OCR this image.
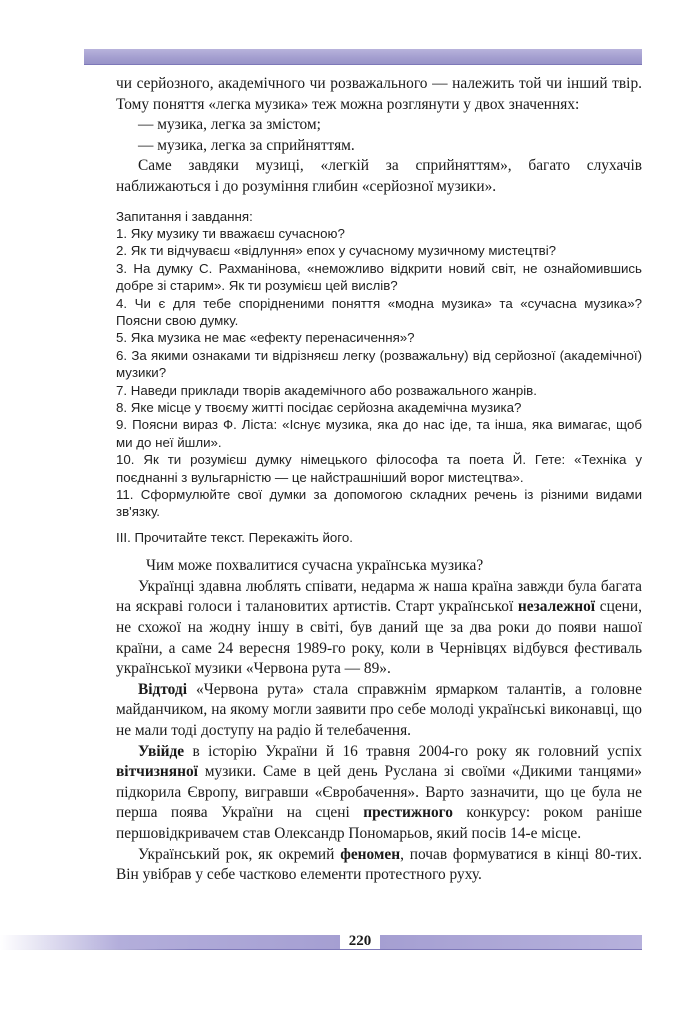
чи серйозного, академічного чи розважального — належить той чи інший твір. Тому поняття «легка музика» теж можна розглянути у двох значеннях:

— музика, легка за змістом;

— музика, легка за сприйняттям.

Саме завдяки музиці, «легкій за сприйняттям», багато слухачів наближаються і до розуміння глибин «серйозної музики».

Запитання і завдання:

1. Яку музику ти вважаєш сучасною?

2. Як ти відчуваєш «відлуння» епох у сучасному музичному мистецтві?

3. На думку С. Рахманінова, «неможливо відкрити новий світ, не ознайомившись добре зі старим». Як ти розумієш цей вислів?

4. Чи є для тебе спорідненими поняття «модна музика» та «сучасна музика»? Поясни свою думку.

5. Яка музика не має «ефекту перенасичення»?

6. За якими ознаками ти відрізняєш легку (розважальну) від серйозної (академічної) музики?

7. Наведи приклади творів академічного або розважального жанрів.

8. Яке місце у твоєму житті посідає серйозна академічна музика?

9. Поясни вираз Ф. Ліста: «Існує музика, яка до нас іде, та інша, яка вимагає, щоб ми до неї йшли».

10. Як ти розумієш думку німецького філософа та поета Й. Гете: «Техніка у поєднанні з вульгарністю — це найстрашніший ворог мистецтва».

11. Сформулюйте свої думки за допомогою складних речень із різними видами зв'язку.

ІІІ. Прочитайте текст. Перекажіть його.

Чим може похвалитися сучасна українська музика?

Українці здавна люблять співати, недарма ж наша країна завжди була багата на яскраві голоси і талановитих артистів. Старт української незалежної сцени, не схожої на жодну іншу в світі, був даний ще за два роки до появи нашої країни, а саме 24 вересня 1989-го року, коли в Чернівцях відбувся фестиваль української музики «Червона рута — 89».

Відтоді «Червона рута» стала справжнім ярмарком талантів, а головне майданчиком, на якому могли заявити про себе молоді українські виконавці, що не мали тоді доступу на радіо й телебачення.

Увійде в історію України й 16 травня 2004-го року як головний успіх вітчизняної музики. Саме в цей день Руслана зі своїми «Дикими танцями» підкорила Європу, вигравши «Євробачення». Варто зазначити, що це була не перша поява України на сцені престижного конкурсу: роком раніше першовідкривачем став Олександр Пономарьов, який посів 14-е місце.

Український рок, як окремий феномен, почав формуватися в кінці 80-тих. Він увібрав у себе частково елементи протестного руху.

220
